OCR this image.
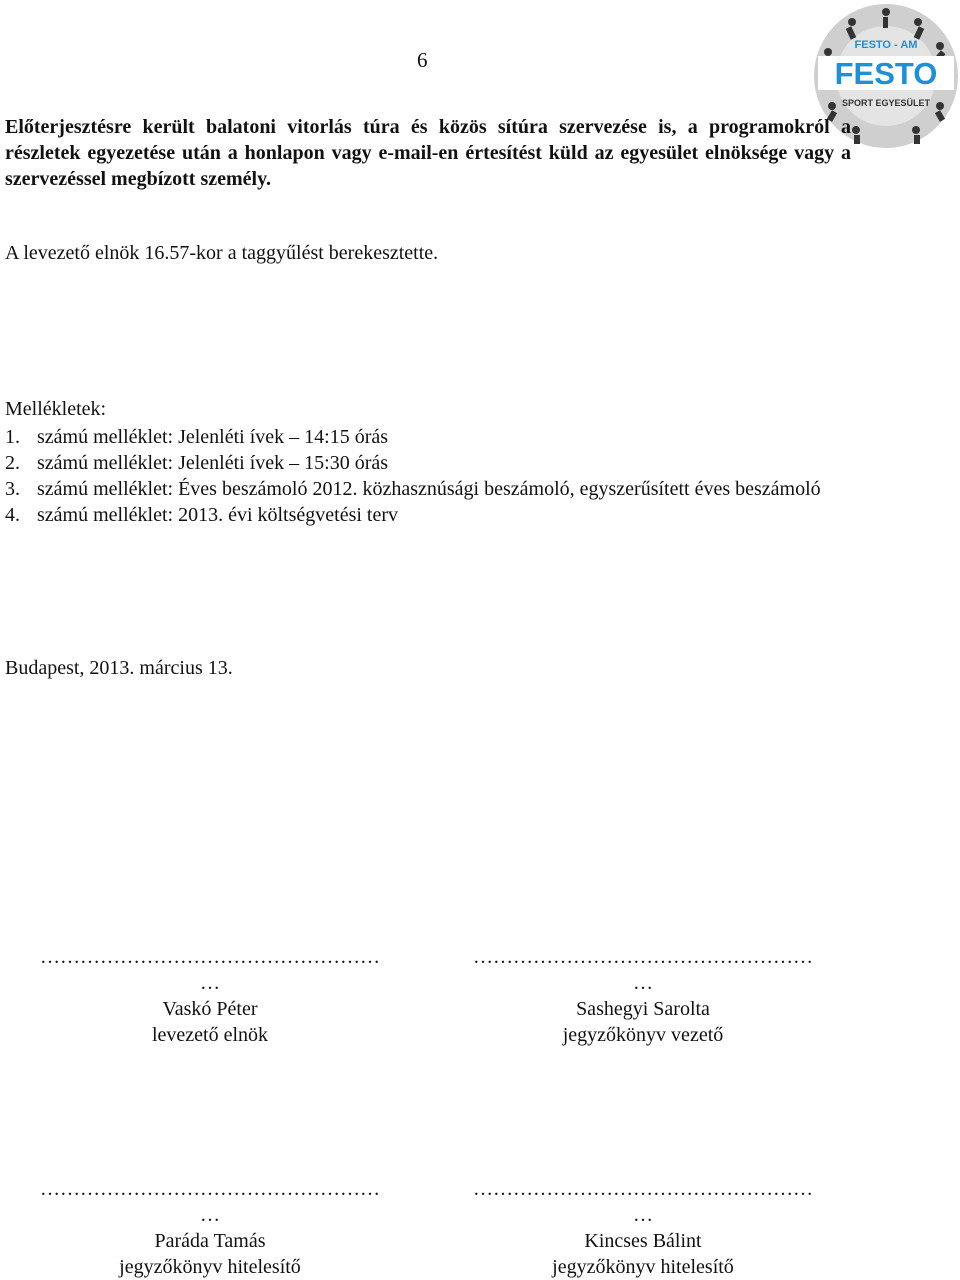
6
FESTO - AM
FESTO
SPORT EGYESÜLET
Előterjesztésre került balatoni vitorlás túra és közös sítúra szervezése is, a programokról a részletek egyezetése után a honlapon vagy e-mail-en értesítést küld az egyesület elnöksége vagy a szervezéssel megbízott személy.
A levezető elnök 16.57-kor a taggyűlést berekesztette.
Mellékletek:
1. számú melléklet: Jelenléti ívek – 14:15 órás
2. számú melléklet: Jelenléti ívek – 15:30 órás
3. számú melléklet: Éves beszámoló 2012. közhasznúsági beszámoló, egyszerűsített éves beszámoló
4. számú melléklet: 2013. évi költségvetési terv
Budapest, 2013. március 13.
……………………………………………
…
Vaskó Péter
levezető elnök
……………………………………………
…
Sashegyi Sarolta
jegyzőkönyv vezető
……………………………………………
…
Paráda Tamás
jegyzőkönyv hitelesítő
……………………………………………
…
Kincses Bálint
jegyzőkönyv hitelesítő
